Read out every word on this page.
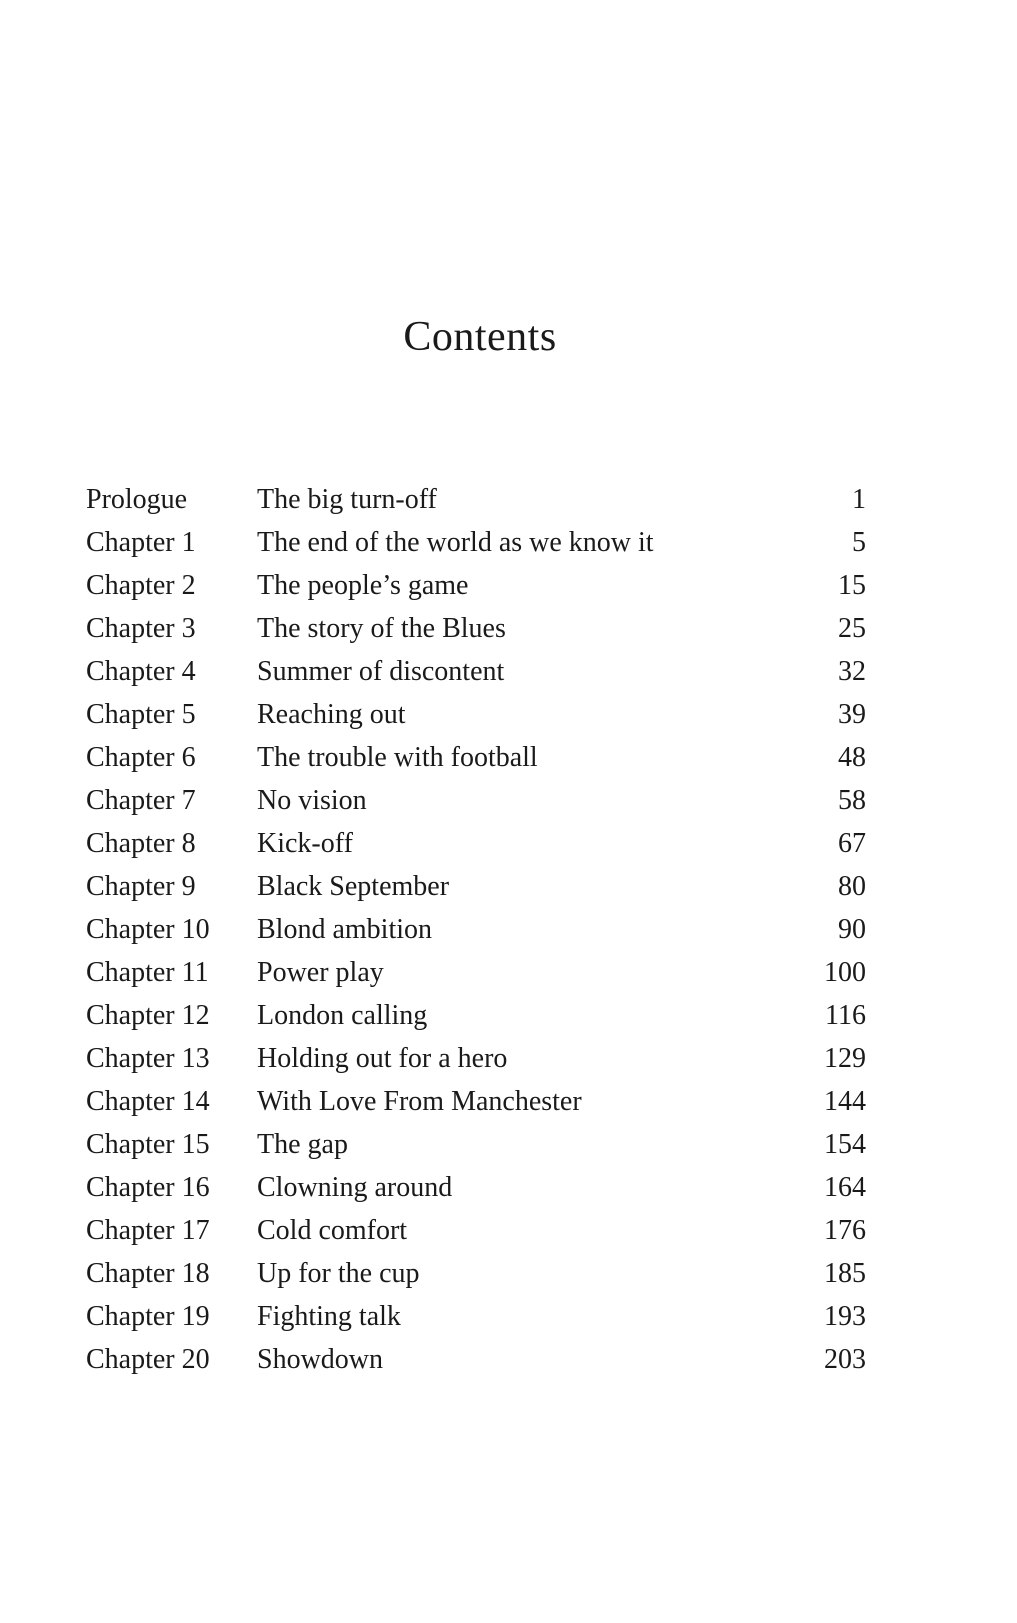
Contents
Prologue The big turn-off	1
Chapter 1 The end of the world as we know it	5
Chapter 2 The people’s game	15
Chapter 3 The story of the Blues	25
Chapter 4 Summer of discontent	32
Chapter 5 Reaching out	39
Chapter 6 The trouble with football	48
Chapter 7 No vision	58
Chapter 8 Kick-off	67
Chapter 9 Black September	80
Chapter 10 Blond ambition	90
Chapter 11 Power play	100
Chapter 12 London calling	116
Chapter 13 Holding out for a hero	129
Chapter 14 With Love From Manchester	144
Chapter 15 The gap	154
Chapter 16 Clowning around	164
Chapter 17 Cold comfort	176
Chapter 18 Up for the cup	185
Chapter 19 Fighting talk	193
Chapter 20 Showdown	203
